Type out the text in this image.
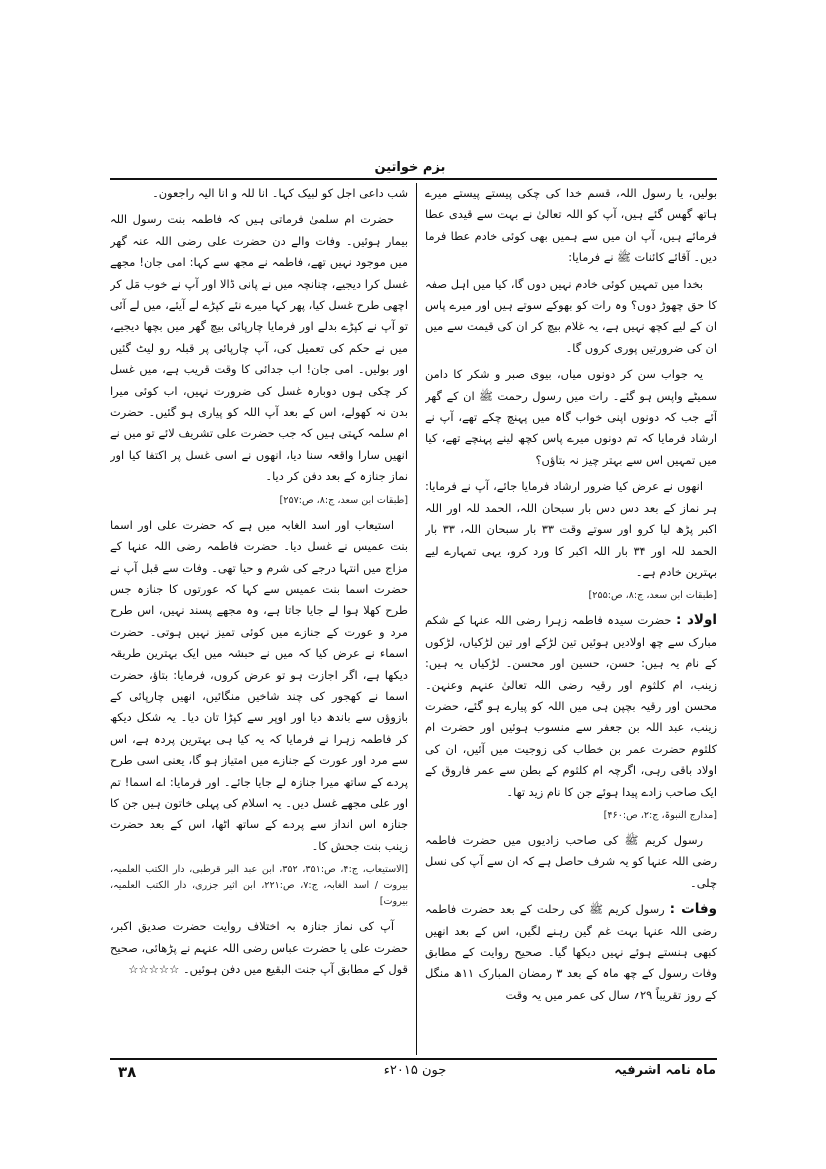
بزم خواتین

بولیں، یا رسول اللہ، قسم خدا کی چکی پیستے پیستے میرے ہاتھ گھس گئے ہیں، آپ کو اللہ تعالیٰ نے بہت سے قیدی عطا فرمائے ہیں، آپ ان میں سے ہمیں بھی کوئی خادم عطا فرما دیں۔ آقائے کائنات ﷺ نے فرمایا:

بخدا میں تمہیں کوئی خادم نہیں دوں گا، کیا میں اہل صفہ کا حق چھوڑ دوں؟ وہ رات کو بھوکے سوتے ہیں اور میرے پاس ان کے لیے کچھ نہیں ہے، یہ غلام بیچ کر ان کی قیمت سے میں ان کی ضرورتیں پوری کروں گا۔

یہ جواب سن کر دونوں میاں، بیوی صبر و شکر کا دامن سمیٹے واپس ہو گئے۔ رات میں رسول رحمت ﷺ ان کے گھر آئے جب کہ دونوں اپنی خواب گاہ میں پہنچ چکے تھے، آپ نے ارشاد فرمایا کہ تم دونوں میرے پاس کچھ لینے پہنچے تھے، کیا میں تمہیں اس سے بہتر چیز نہ بتاؤں؟

انھوں نے عرض کیا ضرور ارشاد فرمایا جائے، آپ نے فرمایا: ہر نماز کے بعد دس دس بار سبحان اللہ، الحمد للہ اور اللہ اکبر پڑھ لیا کرو اور سوتے وقت ۳۳ بار سبحان اللہ، ۳۳ بار الحمد للہ اور ۳۴ بار اللہ اکبر کا ورد کرو، یہی تمہارے لیے بہترین خادم ہے۔

[طبقات ابن سعد، ج:۸، ص:۲۵۵]

اولاد : حضرت سیدہ فاطمہ زہرا رضی اللہ عنہا کے شکم مبارک سے چھ اولادیں ہوئیں تین لڑکے اور تین لڑکیاں، لڑکوں کے نام یہ ہیں: حسن، حسین اور محسن۔ لڑکیاں یہ ہیں: زینب، ام کلثوم اور رقیہ رضی اللہ تعالیٰ عنہم وعنہن۔ محسن اور رقیہ بچپن ہی میں اللہ کو پیارے ہو گئے، حضرت زینب، عبد اللہ بن جعفر سے منسوب ہوئیں اور حضرت ام کلثوم حضرت عمر بن خطاب کی زوجیت میں آئیں، ان کی اولاد باقی رہی، اگرچہ ام کلثوم کے بطن سے عمر فاروق کے ایک صاحب زادے پیدا ہوئے جن کا نام زید تھا۔

[مدارج النبوۃ، ج:۲، ص:۴۶۰]

رسول کریم ﷺ کی صاحب زادیوں میں حضرت فاطمہ رضی اللہ عنہا کو یہ شرف حاصل ہے کہ ان سے آپ کی نسل چلی۔

وفات : رسول کریم ﷺ کی رحلت کے بعد حضرت فاطمہ رضی اللہ عنہا بہت غم گین رہنے لگیں، اس کے بعد انھیں کبھی ہنستے ہوئے نہیں دیکھا گیا۔ صحیح روایت کے مطابق وفات رسول کے چھ ماہ کے بعد ۳ رمضان المبارک ۱۱ھ منگل کے روز تقریباً ۲۹؍ سال کی عمر میں یہ وقت

شب داعی اجل کو لبیک کہا۔ انا للہ و انا الیہ راجعون۔

حضرت ام سلمیٰ فرماتی ہیں کہ فاطمہ بنت رسول اللہ بیمار ہوئیں۔ وفات والے دن حضرت علی رضی اللہ عنہ گھر میں موجود نہیں تھے، فاطمہ نے مجھ سے کہا: امی جان! مجھے غسل کرا دیجیے، چنانچہ میں نے پانی ڈالا اور آپ نے خوب مَل کر اچھی طرح غسل کیا، پھر کہا میرے نئے کپڑے لے آیئے، میں لے آئی تو آپ نے کپڑے بدلے اور فرمایا چارپائی بیچ گھر میں بچھا دیجیے، میں نے حکم کی تعمیل کی، آپ چارپائی پر قبلہ رو لیٹ گئیں اور بولیں۔ امی جان! اب جدائی کا وقت قریب ہے، میں غسل کر چکی ہوں دوبارہ غسل کی ضرورت نہیں، اب کوئی میرا بدن نہ کھولے، اس کے بعد آپ اللہ کو پیاری ہو گئیں۔ حضرت ام سلمہ کہتی ہیں کہ جب حضرت علی تشریف لائے تو میں نے انھیں سارا واقعہ سنا دیا، انھوں نے اسی غسل پر اکتفا کیا اور نماز جنازہ کے بعد دفن کر دیا۔

[طبقات ابن سعد، ج:۸، ص:۲۵۷]

استیعاب اور اسد الغابہ میں ہے کہ حضرت علی اور اسما بنت عمیس نے غسل دیا۔ حضرت فاطمہ رضی اللہ عنہا کے مزاج میں انتہا درجے کی شرم و حیا تھی۔ وفات سے قبل آپ نے حضرت اسما بنت عمیس سے کہا کہ عورتوں کا جنازہ جس طرح کھلا ہوا لے جایا جاتا ہے، وہ مجھے پسند نہیں، اس طرح مرد و عورت کے جنازے میں کوئی تمیز نہیں ہوتی۔ حضرت اسماء نے عرض کیا کہ میں نے حبشہ میں ایک بہترین طریقہ دیکھا ہے، اگر اجازت ہو تو عرض کروں، فرمایا: بتاؤ، حضرت اسما نے کھجور کی چند شاخیں منگائیں، انھیں چارپائی کے بازوؤں سے باندھ دیا اور اوپر سے کپڑا تان دیا۔ یہ شکل دیکھ کر فاطمہ زہرا نے فرمایا کہ یہ کیا ہی بہترین پردہ ہے، اس سے مرد اور عورت کے جنازے میں امتیاز ہو گا، یعنی اسی طرح پردے کے ساتھ میرا جنازہ لے جایا جائے۔ اور فرمایا: اے اسما! تم اور علی مجھے غسل دیں۔ یہ اسلام کی پہلی خاتون ہیں جن کا جنازہ اس انداز سے پردے کے ساتھ اٹھا، اس کے بعد حضرت زینب بنت جحش کا۔

[الاستیعاب، ج:۴، ص:۳۵۱، ۳۵۲، ابن عبد البر قرطبی، دار الکتب العلمیہ، بیروت / اسد الغابہ، ج:۷، ص:۲۲۱، ابن اثیر جزری، دار الکتب العلمیہ، بیروت]

آپ کی نماز جنازہ بہ اختلاف روایت حضرت صدیق اکبر، حضرت علی یا حضرت عباس رضی اللہ عنہم نے پڑھائی، صحیح قول کے مطابق آپ جنت البقیع میں دفن ہوئیں۔ ☆☆☆☆☆

ماہ نامہ اشرفیہ
جون ۲۰۱۵ء
۳۸
